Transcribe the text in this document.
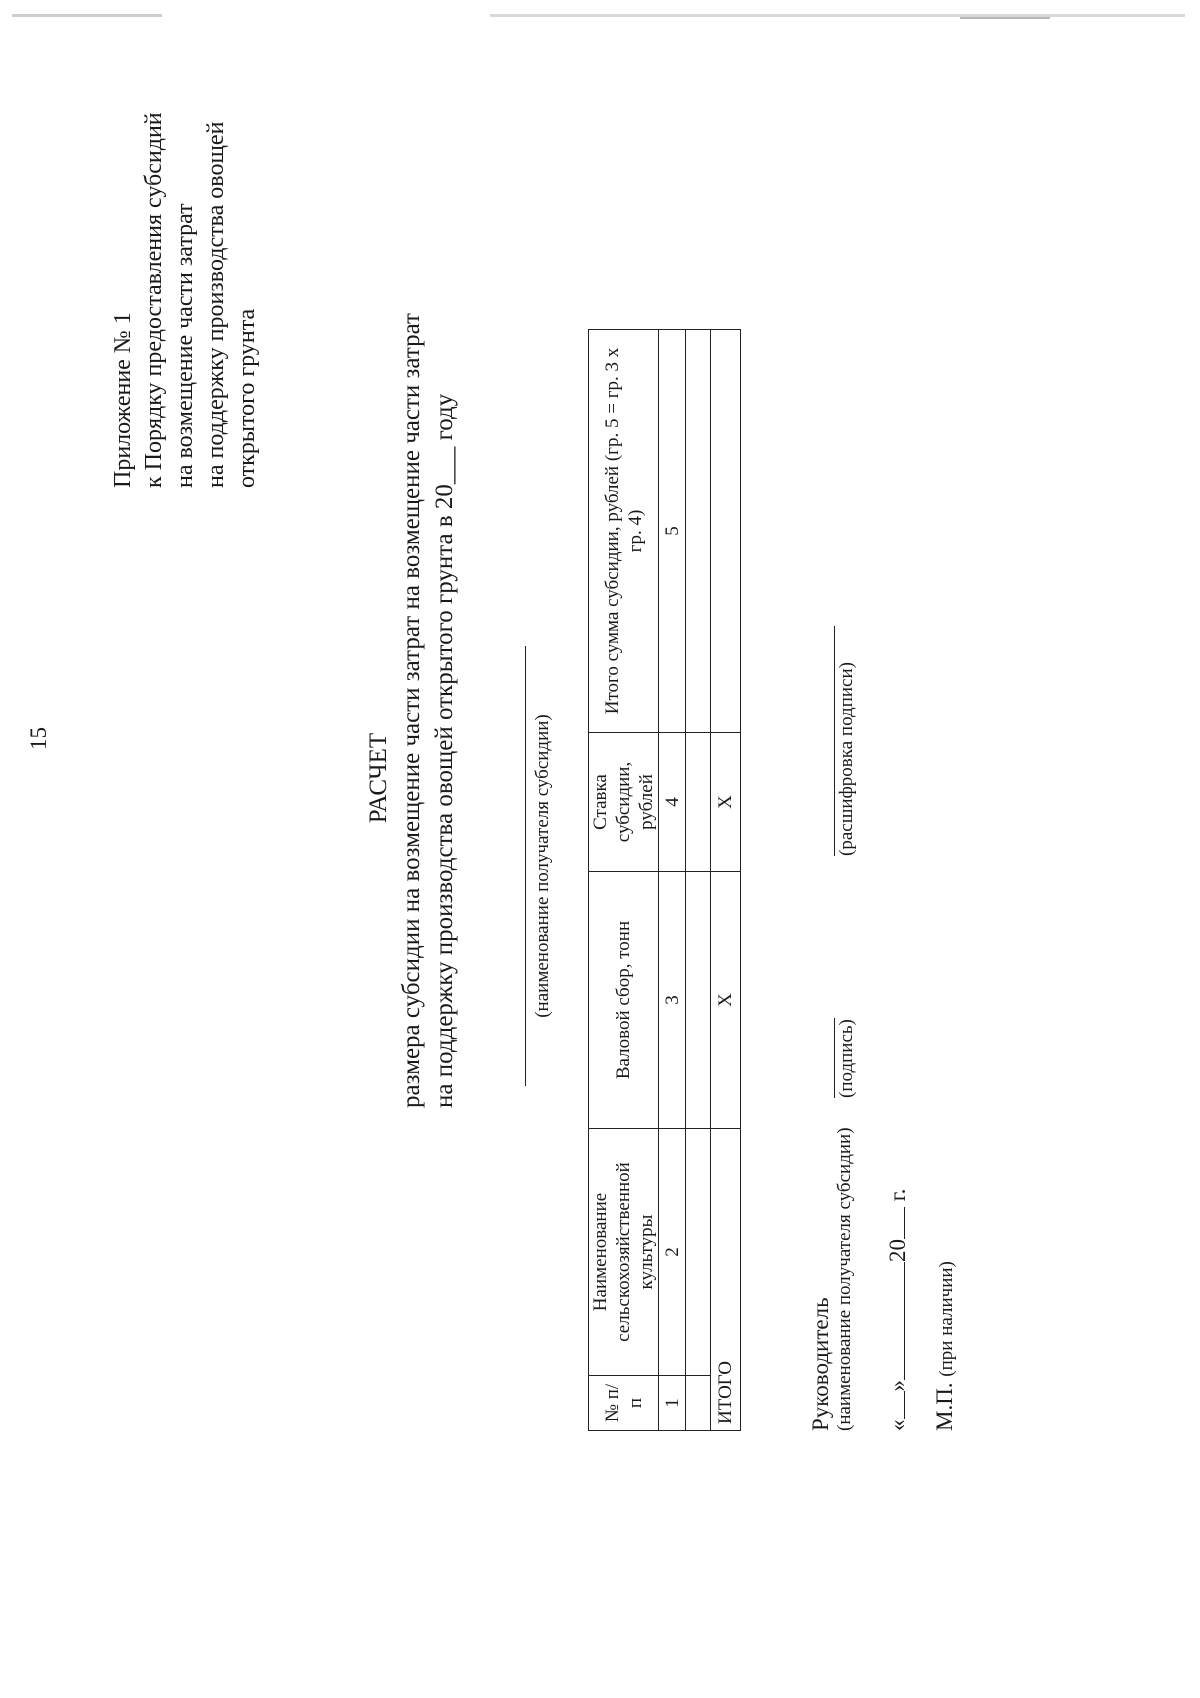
15
Приложение № 1 к Порядку предоставления субсидий на возмещение части затрат на поддержку производства овощей открытого грунта
РАСЧЕТ размера субсидии на возмещение части затрат на возмещение части затрат на поддержку производства овощей открытого грунта в 20___ году	(наименование получателя субсидии)
№ п/п	Наименование сельскохозяйственной культуры	Валовой сбор, тонн	Ставка субсидии, рублей	Итого сумма субсидии, рублей (гр. 5 = гр. 3 х гр. 4)
1	2	3	4	5

ИТОГО		Х	Х	
Руководитель (наименование получателя субсидии)
(подпись)
(расшифровка подписи)
«»20 г.
М.П. (при наличии)
